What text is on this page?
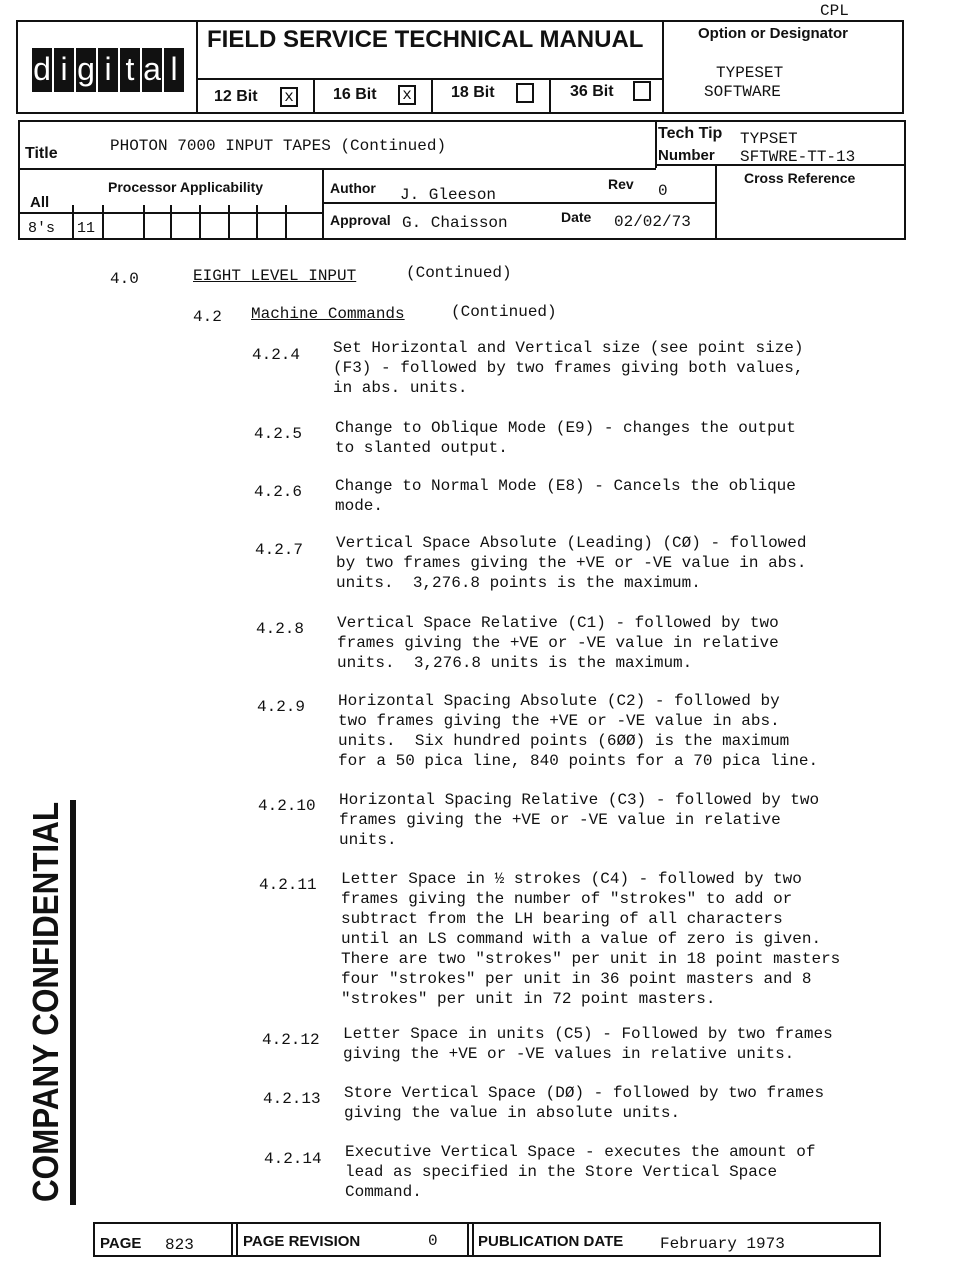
CPL
d i g i t a l
FIELD SERVICE TECHNICAL MANUAL
12 Bit x 16 Bit x 18 Bit	36 Bit
Option or Designator
TYPESET
SOFTWARE
Title	PHOTON 7000 INPUT TAPES (Continued)
Tech Tip
Number
TYPSET
SFTWRE-TT-13
Processor Applicability
All
8's 11
Author J. Gleeson
Rev 0
Approval G. Chaisson	Date 02/02/73
Cross Reference
4.0	EIGHT LEVEL INPUT	(Continued)
4.2 Machine Commands	(Continued)
4.2.4 Set Horizontal and Vertical size (see point size)
(F3) - followed by two frames giving both values,
in abs. units.
4.2.5 Change to Oblique Mode (E9) - changes the output
to slanted output.
4.2.6 Change to Normal Mode (E8) - Cancels the oblique
mode.
4.2.7 Vertical Space Absolute (Leading) (CØ) - followed
by two frames giving the +VE or -VE value in abs.
units.  3,276.8 points is the maximum.
4.2.8 Vertical Space Relative (C1) - followed by two
frames giving the +VE or -VE value in relative
units.  3,276.8 units is the maximum.
4.2.9 Horizontal Spacing Absolute (C2) - followed by
two frames giving the +VE or -VE value in abs.
units.  Six hundred points (6ØØ) is the maximum
for a 50 pica line, 840 points for a 70 pica line.
4.2.10 Horizontal Spacing Relative (C3) - followed by two
frames giving the +VE or -VE value in relative
units.
4.2.11 Letter Space in ½ strokes (C4) - followed by two
frames giving the number of "strokes" to add or
subtract from the LH bearing of all characters
until an LS command with a value of zero is given.
There are two "strokes" per unit in 18 point masters
four "strokes" per unit in 36 point masters and 8
"strokes" per unit in 72 point masters.
4.2.12 Letter Space in units (C5) - Followed by two frames
giving the +VE or -VE values in relative units.
4.2.13 Store Vertical Space (DØ) - followed by two frames
giving the value in absolute units.
4.2.14 Executive Vertical Space - executes the amount of
lead as specified in the Store Vertical Space
Command.
COMPANY CONFIDENTIAL
PAGE 823	PAGE REVISION	0	PUBLICATION DATE February 1973
